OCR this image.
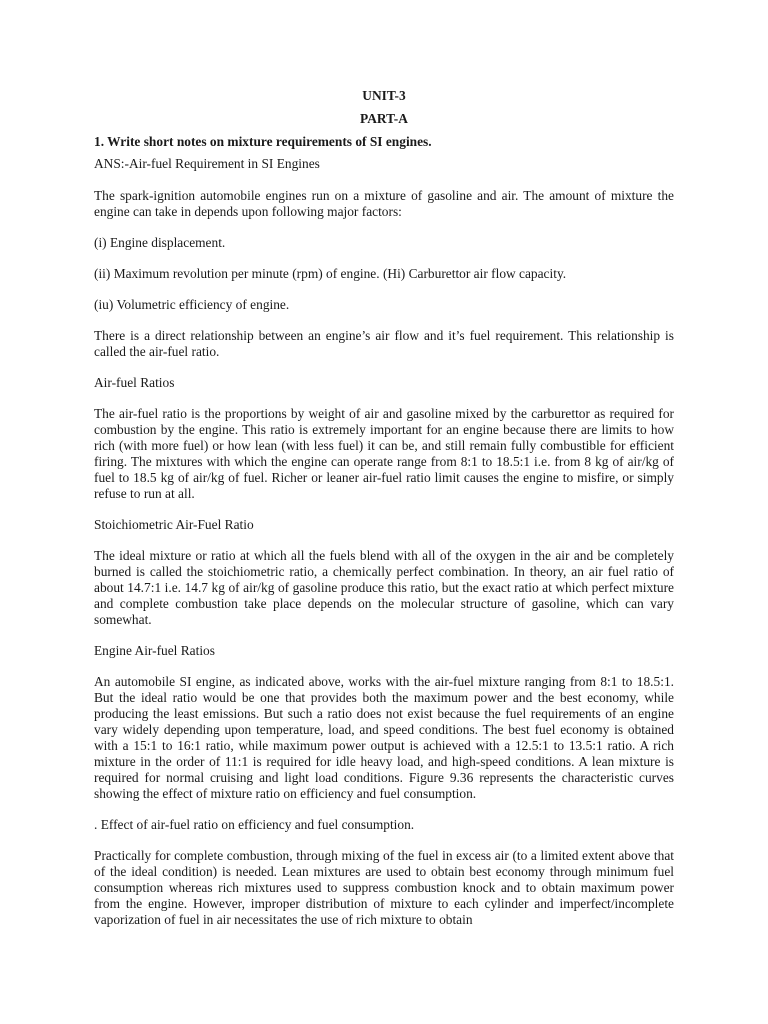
UNIT-3
PART-A
1. Write short notes on mixture requirements of SI engines.

ANS:-Air-fuel Requirement in SI Engines

The spark-ignition automobile engines run on a mixture of gasoline and air. The amount of mixture the engine can take in depends upon following major factors:

(i) Engine displacement.

(ii) Maximum revolution per minute (rpm) of engine. (Hi) Carburettor air flow capacity.

(iu) Volumetric efficiency of engine.

There is a direct relationship between an engine’s air flow and it’s fuel requirement. This relationship is called the air-fuel ratio.

Air-fuel Ratios

The air-fuel ratio is the proportions by weight of air and gasoline mixed by the carburettor as required for combustion by the engine. This ratio is extremely important for an engine because there are limits to how rich (with more fuel) or how lean (with less fuel) it can be, and still remain fully combustible for efficient firing. The mixtures with which the engine can operate range from 8:1 to 18.5:1 i.e. from 8 kg of air/kg of fuel to 18.5 kg of air/kg of fuel. Richer or leaner air-fuel ratio limit causes the engine to misfire, or simply refuse to run at all.

Stoichiometric Air-Fuel Ratio

The ideal mixture or ratio at which all the fuels blend with all of the oxygen in the air and be completely burned is called the stoichiometric ratio, a chemically perfect combination. In theory, an air fuel ratio of about 14.7:1 i.e. 14.7 kg of air/kg of gasoline produce this ratio, but the exact ratio at which perfect mixture and complete combustion take place depends on the molecular structure of gasoline, which can vary somewhat.

Engine Air-fuel Ratios

An automobile SI engine, as indicated above, works with the air-fuel mixture ranging from 8:1 to 18.5:1. But the ideal ratio would be one that provides both the maximum power and the best economy, while producing the least emissions. But such a ratio does not exist because the fuel requirements of an engine vary widely depending upon temperature, load, and speed conditions. The best fuel economy is obtained with a 15:1 to 16:1 ratio, while maximum power output is achieved with a 12.5:1 to 13.5:1 ratio. A rich mixture in the order of 11:1 is required for idle heavy load, and high-speed conditions. A lean mixture is required for normal cruising and light load conditions. Figure 9.36 represents the characteristic curves showing the effect of mixture ratio on efficiency and fuel consumption.

. Effect of air-fuel ratio on efficiency and fuel consumption.

Practically for complete combustion, through mixing of the fuel in excess air (to a limited extent above that of the ideal condition) is needed. Lean mixtures are used to obtain best economy through minimum fuel consumption whereas rich mixtures used to suppress combustion knock and to obtain maximum power from the engine. However, improper distribution of mixture to each cylinder and imperfect/incomplete vaporization of fuel in air necessitates the use of rich mixture to obtain
